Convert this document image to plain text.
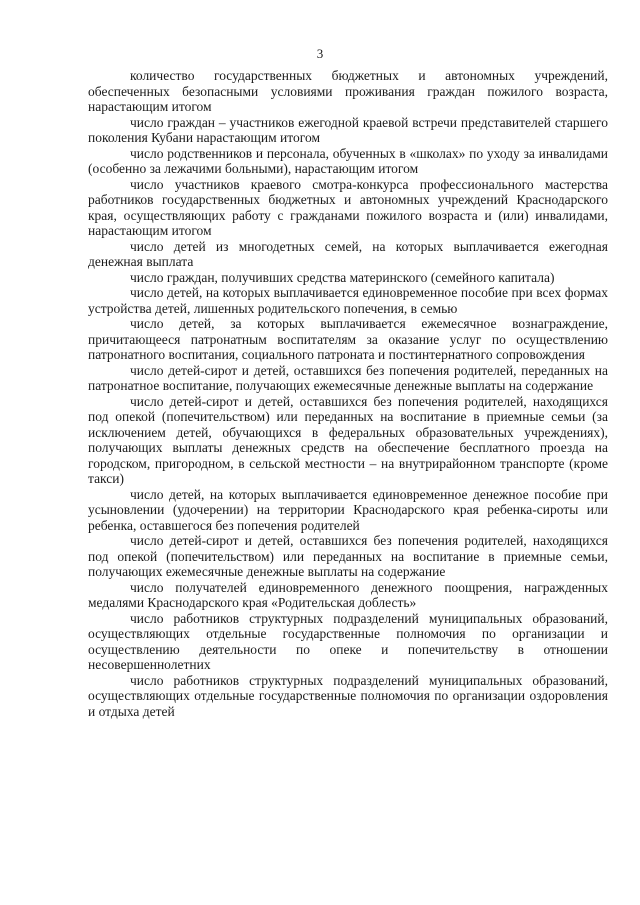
3

количество государственных бюджетных и автономных учреждений, обеспеченных безопасными условиями проживания граждан пожилого возраста, нарастающим итогом

число граждан – участников ежегодной краевой встречи представителей старшего поколения Кубани нарастающим итогом

число родственников и персонала, обученных в «школах» по уходу за инвалидами (особенно за лежачими больными), нарастающим итогом

число участников краевого смотра-конкурса профессионального мастерства работников государственных бюджетных и автономных учреждений Краснодарского края, осуществляющих работу с гражданами пожилого возраста и (или) инвалидами, нарастающим итогом

число детей из многодетных семей, на которых выплачивается ежегодная денежная выплата

число граждан, получивших средства материнского (семейного капитала)

число детей, на которых выплачивается единовременное пособие при всех формах устройства детей, лишенных родительского попечения, в семью

число детей, за которых выплачивается ежемесячное вознаграждение, причитающееся патронатным воспитателям за оказание услуг по осуществлению патронатного воспитания, социального патроната и постинтернатного сопровождения

число детей-сирот и детей, оставшихся без попечения родителей, переданных на патронатное воспитание, получающих ежемесячные денежные выплаты на содержание

число детей-сирот и детей, оставшихся без попечения родителей, находящихся под опекой (попечительством) или переданных на воспитание в приемные семьи (за исключением детей, обучающихся в федеральных образовательных учреждениях), получающих выплаты денежных средств на обеспечение бесплатного проезда на городском, пригородном, в сельской местности – на внутрирайонном транспорте (кроме такси)

число детей, на которых выплачивается единовременное денежное пособие при усыновлении (удочерении) на территории Краснодарского края ребенка-сироты или ребенка, оставшегося без попечения родителей

число детей-сирот и детей, оставшихся без попечения родителей, находящихся под опекой (попечительством) или переданных на воспитание в приемные семьи, получающих ежемесячные денежные выплаты на содержание

число получателей единовременного денежного поощрения, награжденных медалями Краснодарского края «Родительская доблесть»

число работников структурных подразделений муниципальных образований, осуществляющих отдельные государственные полномочия по организации и осуществлению деятельности по опеке и попечительству в отношении несовершеннолетних

число работников структурных подразделений муниципальных образований, осуществляющих отдельные государственные полномочия по организации оздоровления и отдыха детей
